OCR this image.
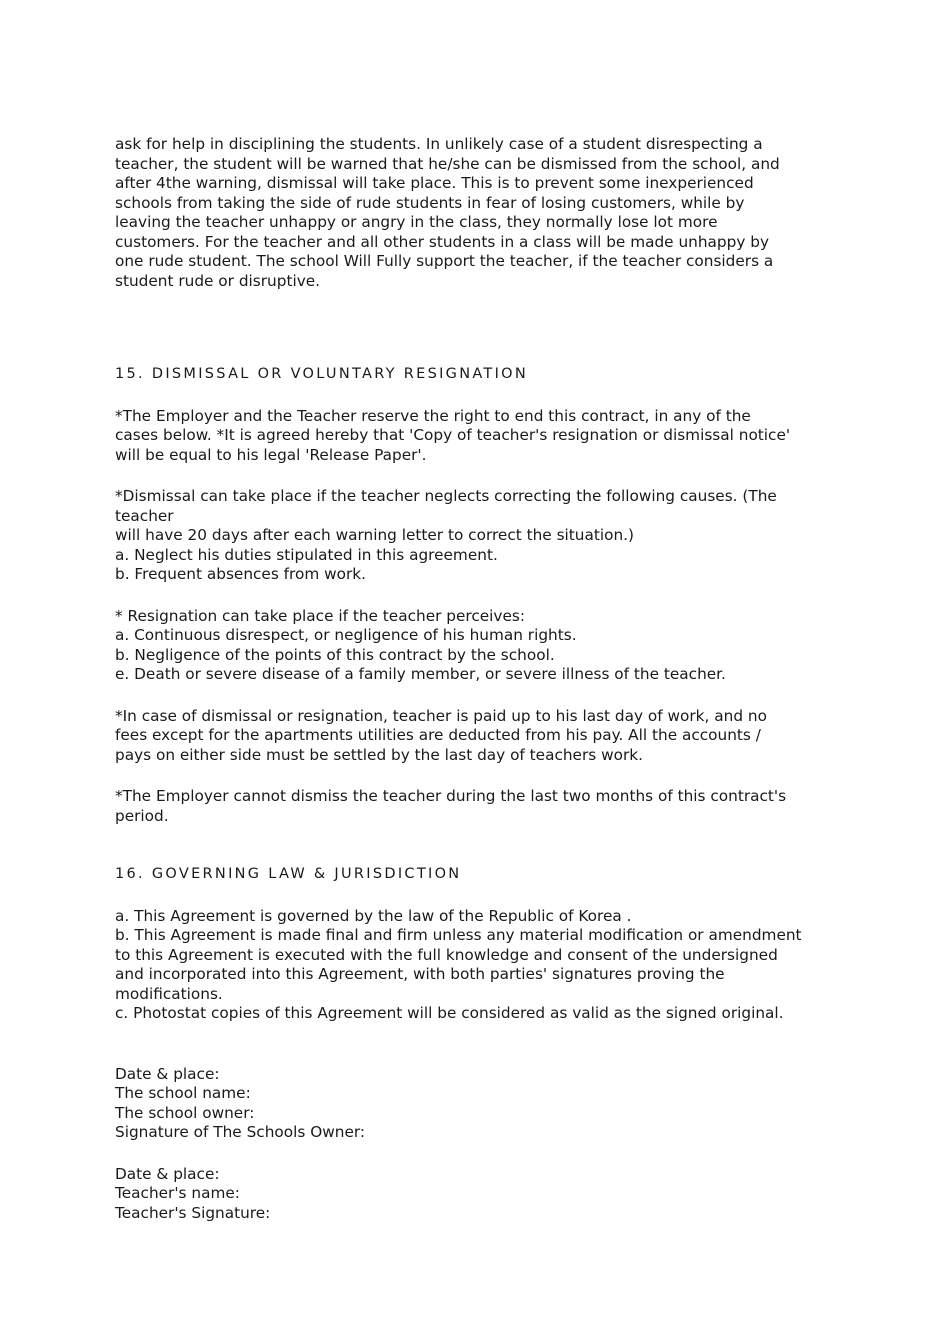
ask for help in disciplining the students. In unlikely case of a student disrespecting a
teacher, the student will be warned that he/she can be dismissed from the school, and
after 4the warning, dismissal will take place. This is to prevent some inexperienced
schools from taking the side of rude students in fear of losing customers, while by
leaving the teacher unhappy or angry in the class, they normally lose lot more
customers. For the teacher and all other students in a class will be made unhappy by
one rude student. The school Will Fully support the teacher, if the teacher considers a
student rude or disruptive.
15. DISMISSAL OR VOLUNTARY RESIGNATION
*The Employer and the Teacher reserve the right to end this contract, in any of the
cases below. *It is agreed hereby that 'Copy of teacher's resignation or dismissal notice'
will be equal to his legal 'Release Paper'.
*Dismissal can take place if the teacher neglects correcting the following causes. (The
teacher
will have 20 days after each warning letter to correct the situation.)
a. Neglect his duties stipulated in this agreement.
b. Frequent absences from work.
* Resignation can take place if the teacher perceives:
a. Continuous disrespect, or negligence of his human rights.
b. Negligence of the points of this contract by the school.
e. Death or severe disease of a family member, or severe illness of the teacher.
*In case of dismissal or resignation, teacher is paid up to his last day of work, and no
fees except for the apartments utilities are deducted from his pay. All the accounts /
pays on either side must be settled by the last day of teachers work.
*The Employer cannot dismiss the teacher during the last two months of this contract's
period.
16. GOVERNING LAW & JURISDICTION
a. This Agreement is governed by the law of the Republic of Korea .
b. This Agreement is made final and firm unless any material modification or amendment
to this Agreement is executed with the full knowledge and consent of the undersigned
and incorporated into this Agreement, with both parties' signatures proving the
modifications.
c. Photostat copies of this Agreement will be considered as valid as the signed original.
Date & place:
The school name:
The school owner:
Signature of The Schools Owner:
Date & place:
Teacher's name:
Teacher's Signature:
